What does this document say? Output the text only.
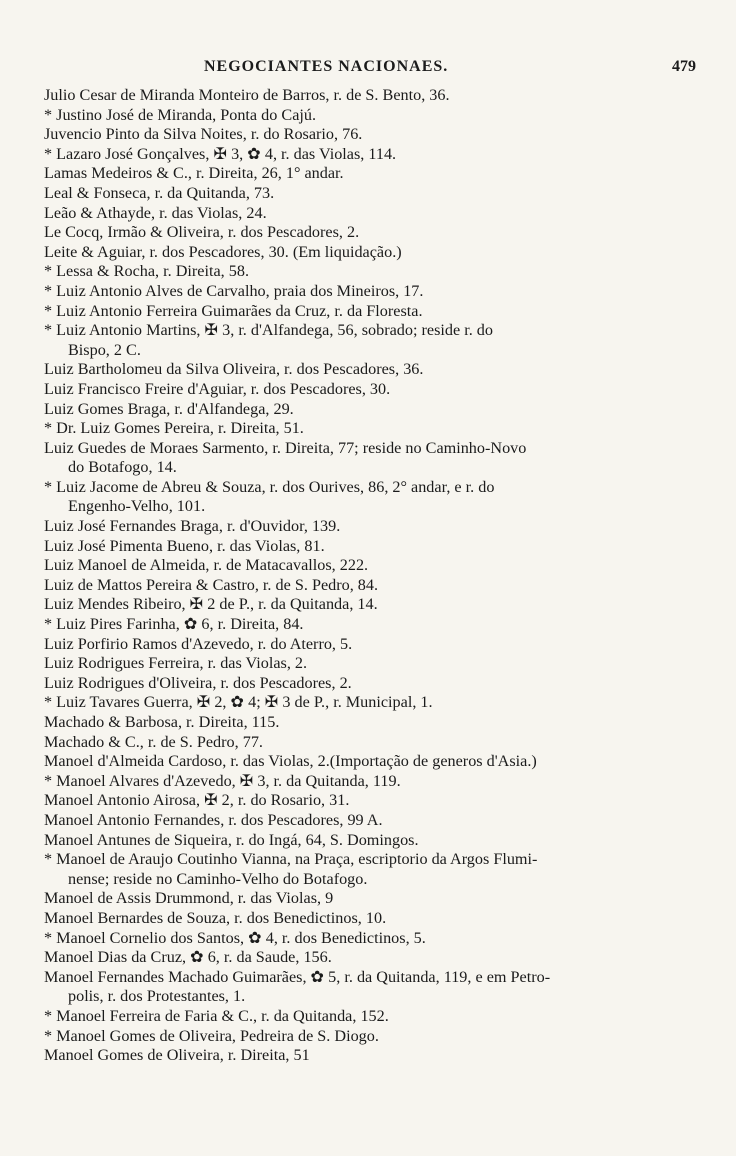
NEGOCIANTES NACIONAES.	479
Julio Cesar de Miranda Monteiro de Barros, r. de S. Bento, 36.
* Justino José de Miranda, Ponta do Cajú.
Juvencio Pinto da Silva Noites, r. do Rosario, 76.
* Lazaro José Gonçalves, ✠ 3, ✿ 4, r. das Violas, 114.
Lamas Medeiros & C., r. Direita, 26, 1° andar.
Leal & Fonseca, r. da Quitanda, 73.
Leão & Athayde, r. das Violas, 24.
Le Cocq, Irmão & Oliveira, r. dos Pescadores, 2.
Leite & Aguiar, r. dos Pescadores, 30. (Em liquidação.)
* Lessa & Rocha, r. Direita, 58.
* Luiz Antonio Alves de Carvalho, praia dos Mineiros, 17.
* Luiz Antonio Ferreira Guimarães da Cruz, r. da Floresta.
* Luiz Antonio Martins, ✠ 3, r. d'Alfandega, 56, sobrado; reside r. do
Bispo, 2 C.
Luiz Bartholomeu da Silva Oliveira, r. dos Pescadores, 36.
Luiz Francisco Freire d'Aguiar, r. dos Pescadores, 30.
Luiz Gomes Braga, r. d'Alfandega, 29.
* Dr. Luiz Gomes Pereira, r. Direita, 51.
Luiz Guedes de Moraes Sarmento, r. Direita, 77; reside no Caminho-Novo
do Botafogo, 14.
* Luiz Jacome de Abreu & Souza, r. dos Ourives, 86, 2° andar, e r. do
Engenho-Velho, 101.
Luiz José Fernandes Braga, r. d'Ouvidor, 139.
Luiz José Pimenta Bueno, r. das Violas, 81.
Luiz Manoel de Almeida, r. de Matacavallos, 222.
Luiz de Mattos Pereira & Castro, r. de S. Pedro, 84.
Luiz Mendes Ribeiro, ✠ 2 de P., r. da Quitanda, 14.
* Luiz Pires Farinha, ✿ 6, r. Direita, 84.
Luiz Porfirio Ramos d'Azevedo, r. do Aterro, 5.
Luiz Rodrigues Ferreira, r. das Violas, 2.
Luiz Rodrigues d'Oliveira, r. dos Pescadores, 2.
* Luiz Tavares Guerra, ✠ 2, ✿ 4; ✠ 3 de P., r. Municipal, 1.
Machado & Barbosa, r. Direita, 115.
Machado & C., r. de S. Pedro, 77.
Manoel d'Almeida Cardoso, r. das Violas, 2.(Importação de generos d'Asia.)
* Manoel Alvares d'Azevedo, ✠ 3, r. da Quitanda, 119.
Manoel Antonio Airosa, ✠ 2, r. do Rosario, 31.
Manoel Antonio Fernandes, r. dos Pescadores, 99 A.
Manoel Antunes de Siqueira, r. do Ingá, 64, S. Domingos.
* Manoel de Araujo Coutinho Vianna, na Praça, escriptorio da Argos Flumi-
nense; reside no Caminho-Velho do Botafogo.
Manoel de Assis Drummond, r. das Violas, 9
Manoel Bernardes de Souza, r. dos Benedictinos, 10.
* Manoel Cornelio dos Santos, ✿ 4, r. dos Benedictinos, 5.
Manoel Dias da Cruz, ✿ 6, r. da Saude, 156.
Manoel Fernandes Machado Guimarães, ✿ 5, r. da Quitanda, 119, e em Petro-
polis, r. dos Protestantes, 1.
* Manoel Ferreira de Faria & C., r. da Quitanda, 152.
* Manoel Gomes de Oliveira, Pedreira de S. Diogo.
Manoel Gomes de Oliveira, r. Direita, 51
